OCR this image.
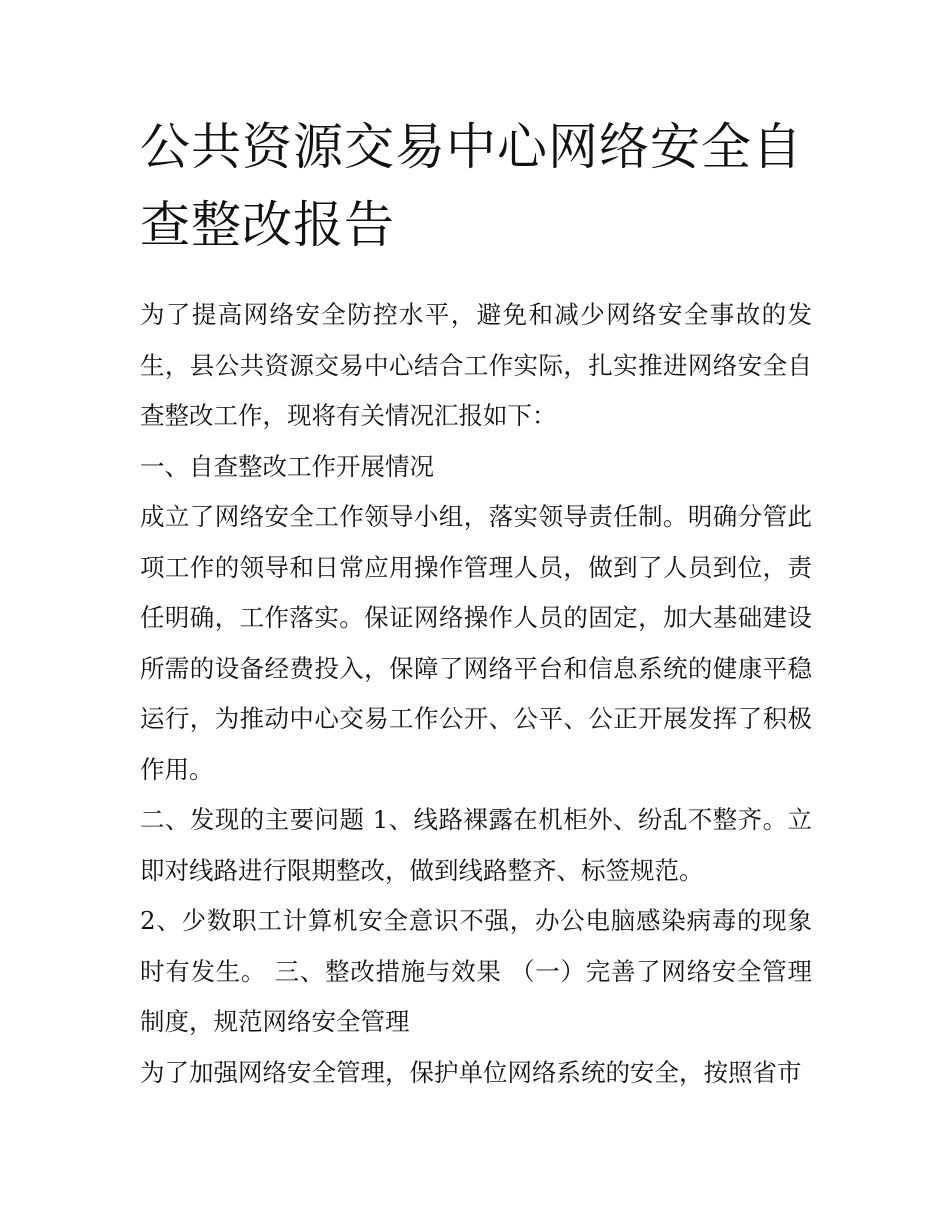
公共资源交易中心网络安全自查整改报告

为了提高网络安全防控水平，避免和减少网络安全事故的发生，县公共资源交易中心结合工作实际，扎实推进网络安全自查整改工作，现将有关情况汇报如下：

一、自查整改工作开展情况

成立了网络安全工作领导小组，落实领导责任制。明确分管此项工作的领导和日常应用操作管理人员，做到了人员到位，责任明确，工作落实。保证网络操作人员的固定，加大基础建设所需的设备经费投入，保障了网络平台和信息系统的健康平稳运行，为推动中心交易工作公开、公平、公正开展发挥了积极作用。

二、发现的主要问题 1、线路裸露在机柜外、纷乱不整齐。立即对线路进行限期整改，做到线路整齐、标签规范。

2、少数职工计算机安全意识不强，办公电脑感染病毒的现象时有发生。 三、整改措施与效果 （一）完善了网络安全管理制度，规范网络安全管理

为了加强网络安全管理，保护单位网络系统的安全，按照省市
